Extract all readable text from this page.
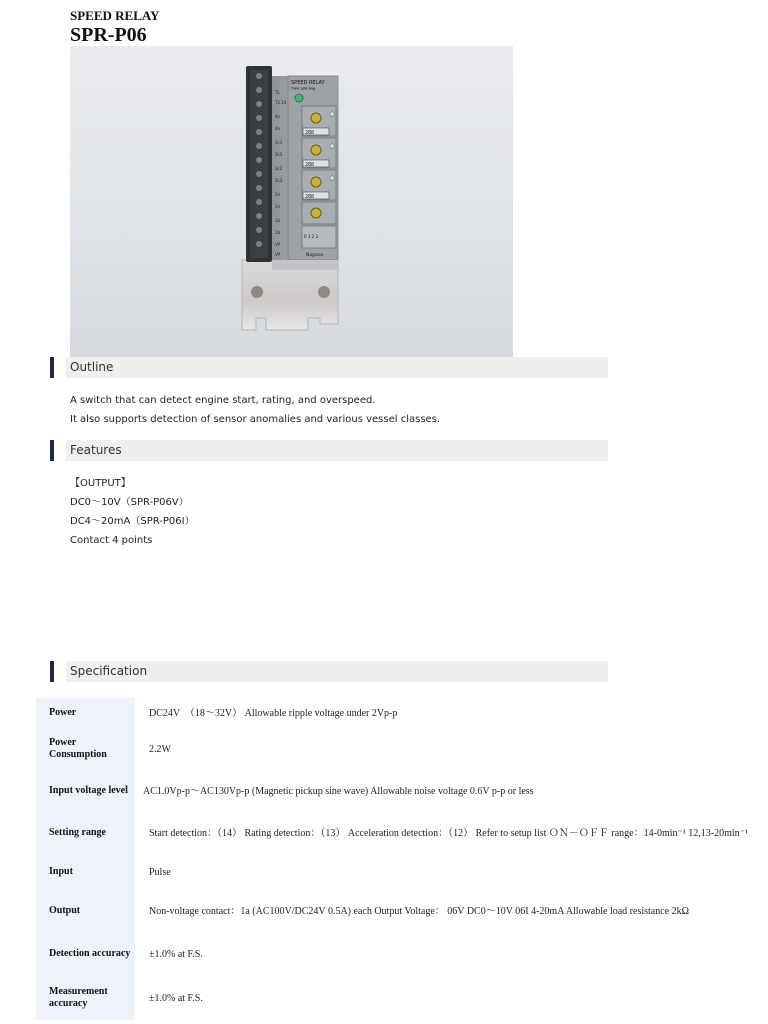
SPEED RELAY
SPR-P06
SPEED RELAY
TYPE SPR-P06
TL
T2 24
4n
4n
3c1
3c1
2c2
2c2
2n
2n
1b
1b
VP
VP
288
288
288
0 1 2 3
Nagano
Outline
A switch that can detect engine start, rating, and overspeed.
It also supports detection of sensor anomalies and various vessel classes.
Features
【OUTPUT】
DC0～10V（SPR-P06V）
DC4～20mA（SPR-P06I）
Contact 4 points
Specification
Power	DC24V　（18～32V） Allowable ripple voltage under 2Vp-p
Power Consumption	2.2W
Input voltage level	AC1.0Vp-p～AC130Vp-p (Magnetic pickup sine wave) Allowable noise voltage 0.6V p-p or less
Setting range	Start detection：（14） Rating detection：（13） Acceleration detection：（12） Refer to setup list ＯＮ－ＯＦＦ range：14-0min⁻¹ 12,13-20min⁻¹
Input	Pulse
Output	Non-voltage contact：1a (AC100V/DC24V 0.5A) each Output Voltage： 06V DC0～10V 06I 4-20mA Allowable load resistance 2kΩ
Detection accuracy	±1.0% at F.S.
Measurement accuracy	±1.0% at F.S.
